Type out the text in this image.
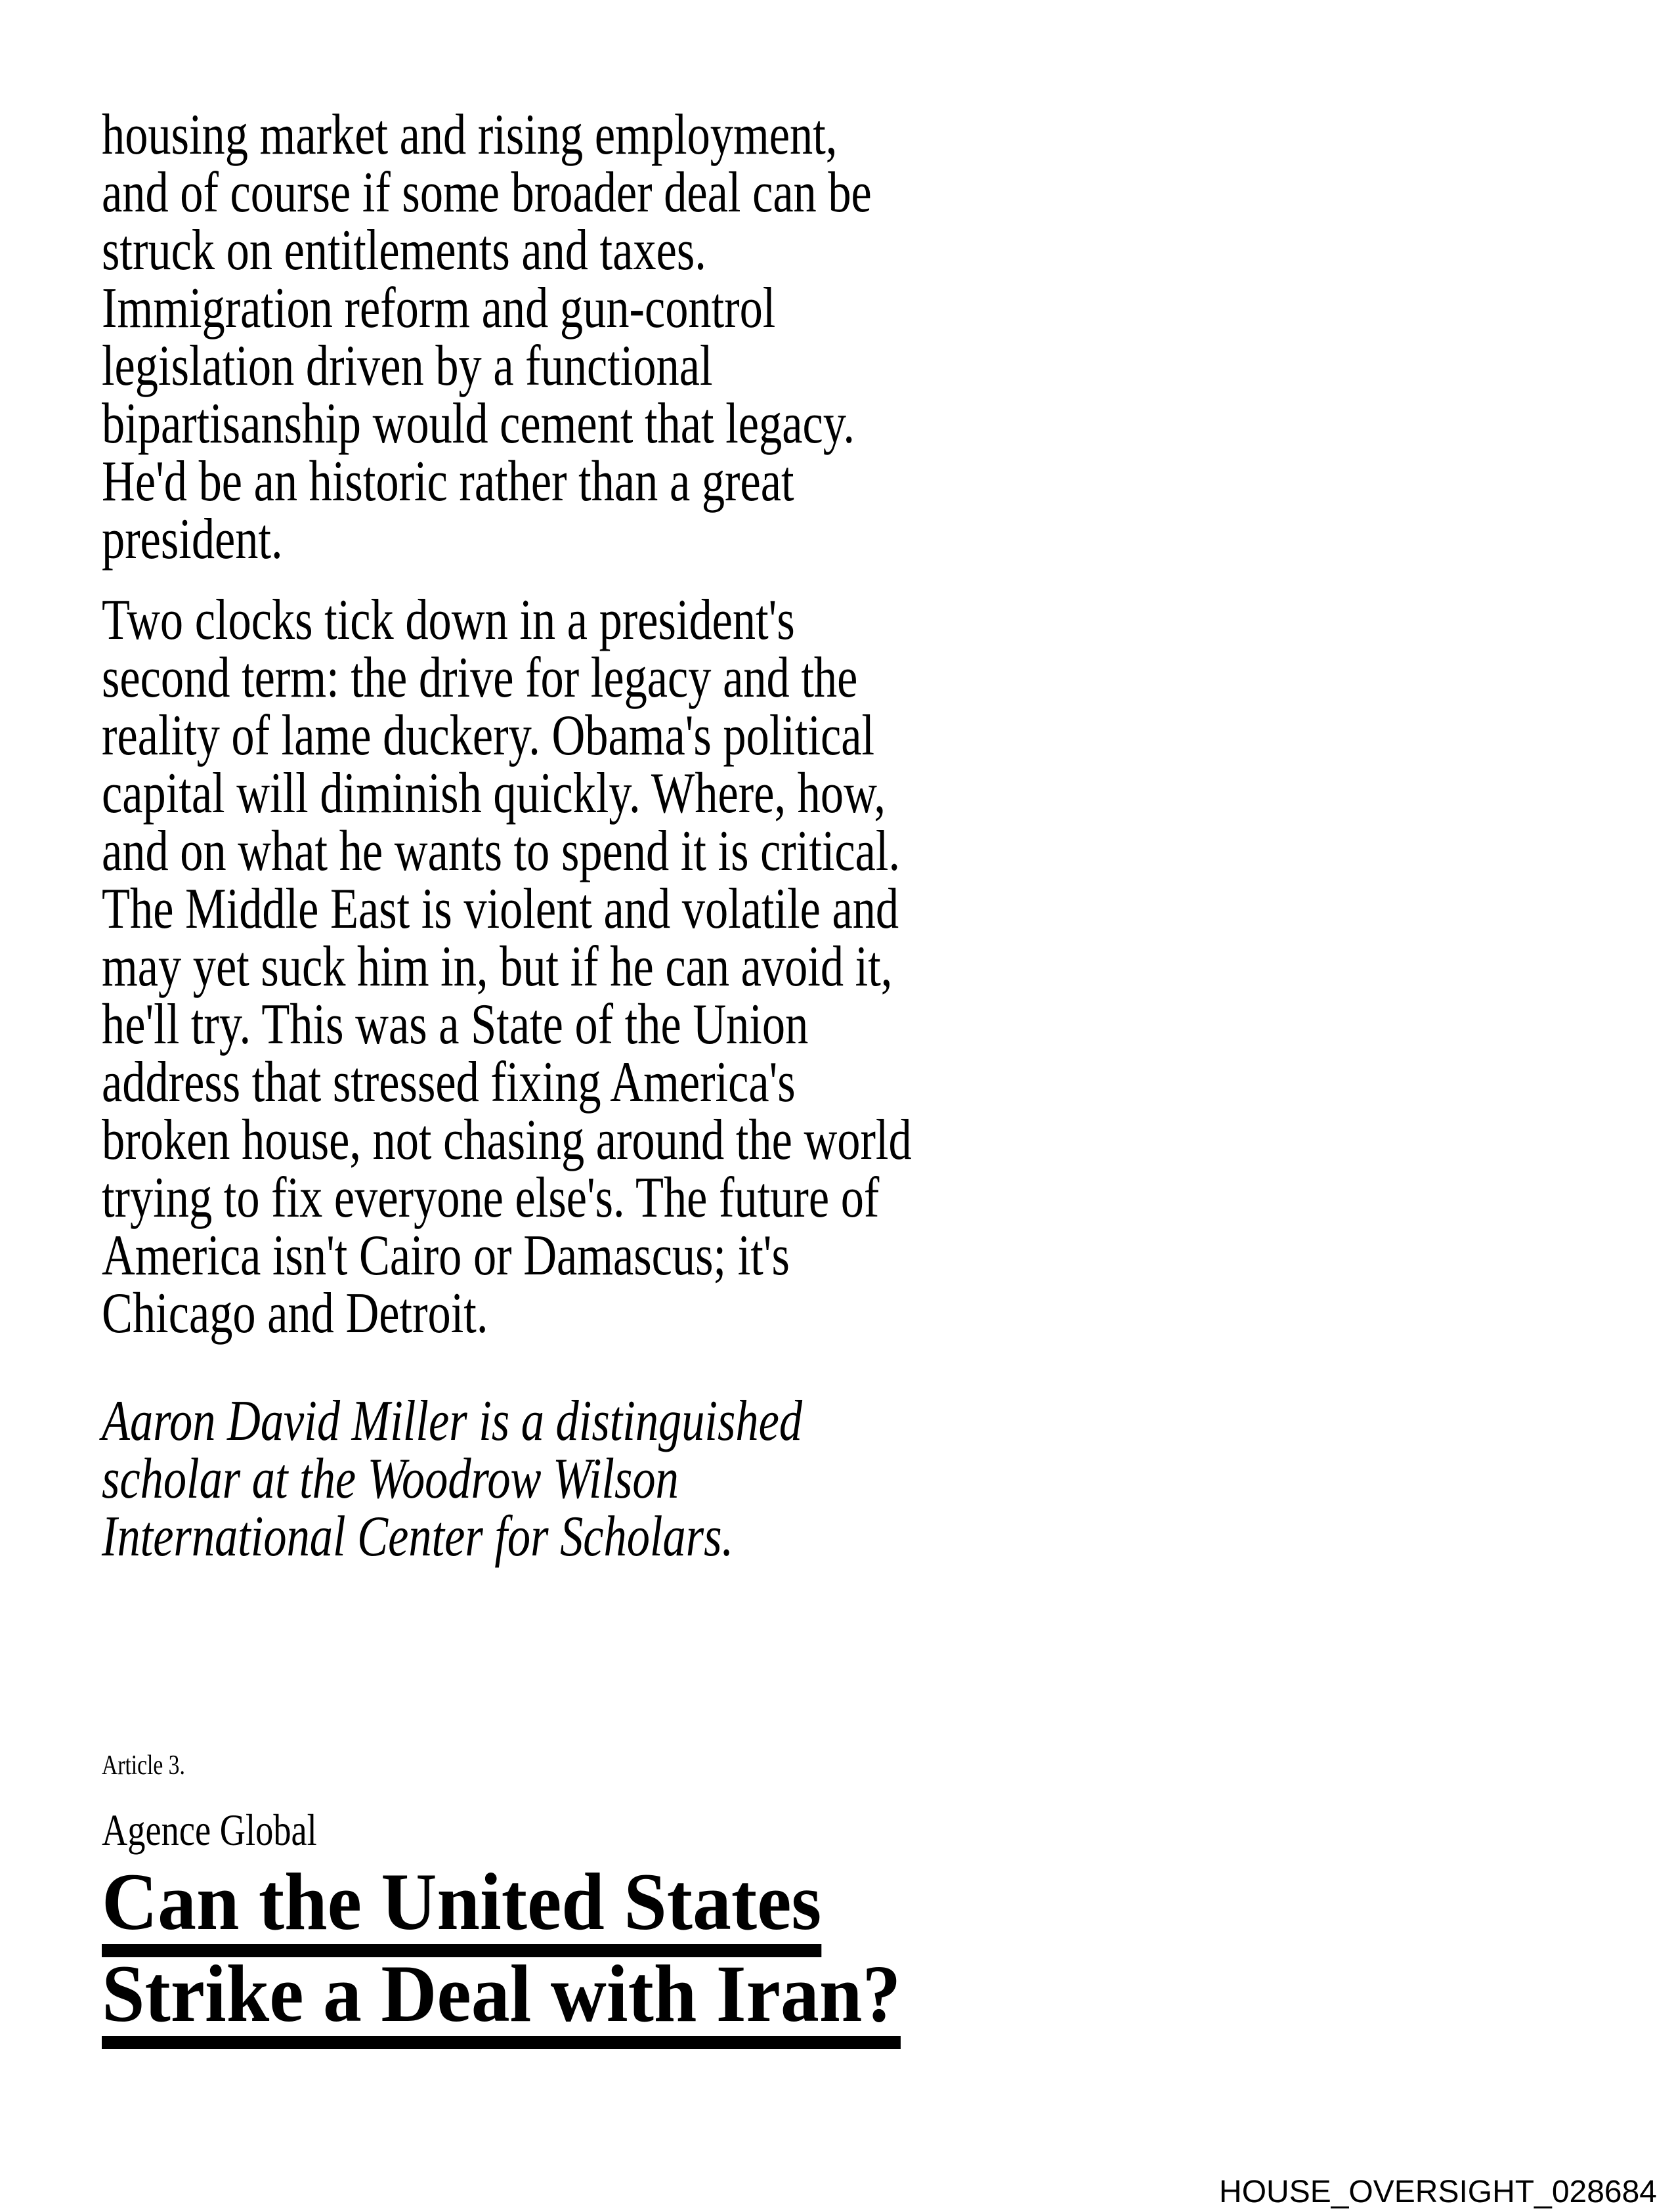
housing market and rising employment,
and of course if some broader deal can be
struck on entitlements and taxes.
Immigration reform and gun-control
legislation driven by a functional
bipartisanship would cement that legacy.
He'd be an historic rather than a great
president.
Two clocks tick down in a president's
second term: the drive for legacy and the
reality of lame duckery. Obama's political
capital will diminish quickly. Where, how,
and on what he wants to spend it is critical.
The Middle East is violent and volatile and
may yet suck him in, but if he can avoid it,
he'll try. This was a State of the Union
address that stressed fixing America's
broken house, not chasing around the world
trying to fix everyone else's. The future of
America isn't Cairo or Damascus; it's
Chicago and Detroit.
Aaron David Miller is a distinguished
scholar at the Woodrow Wilson
International Center for Scholars.
Article 3.
Agence Global
Can the United States
Strike a Deal with Iran?
HOUSE_OVERSIGHT_028684
